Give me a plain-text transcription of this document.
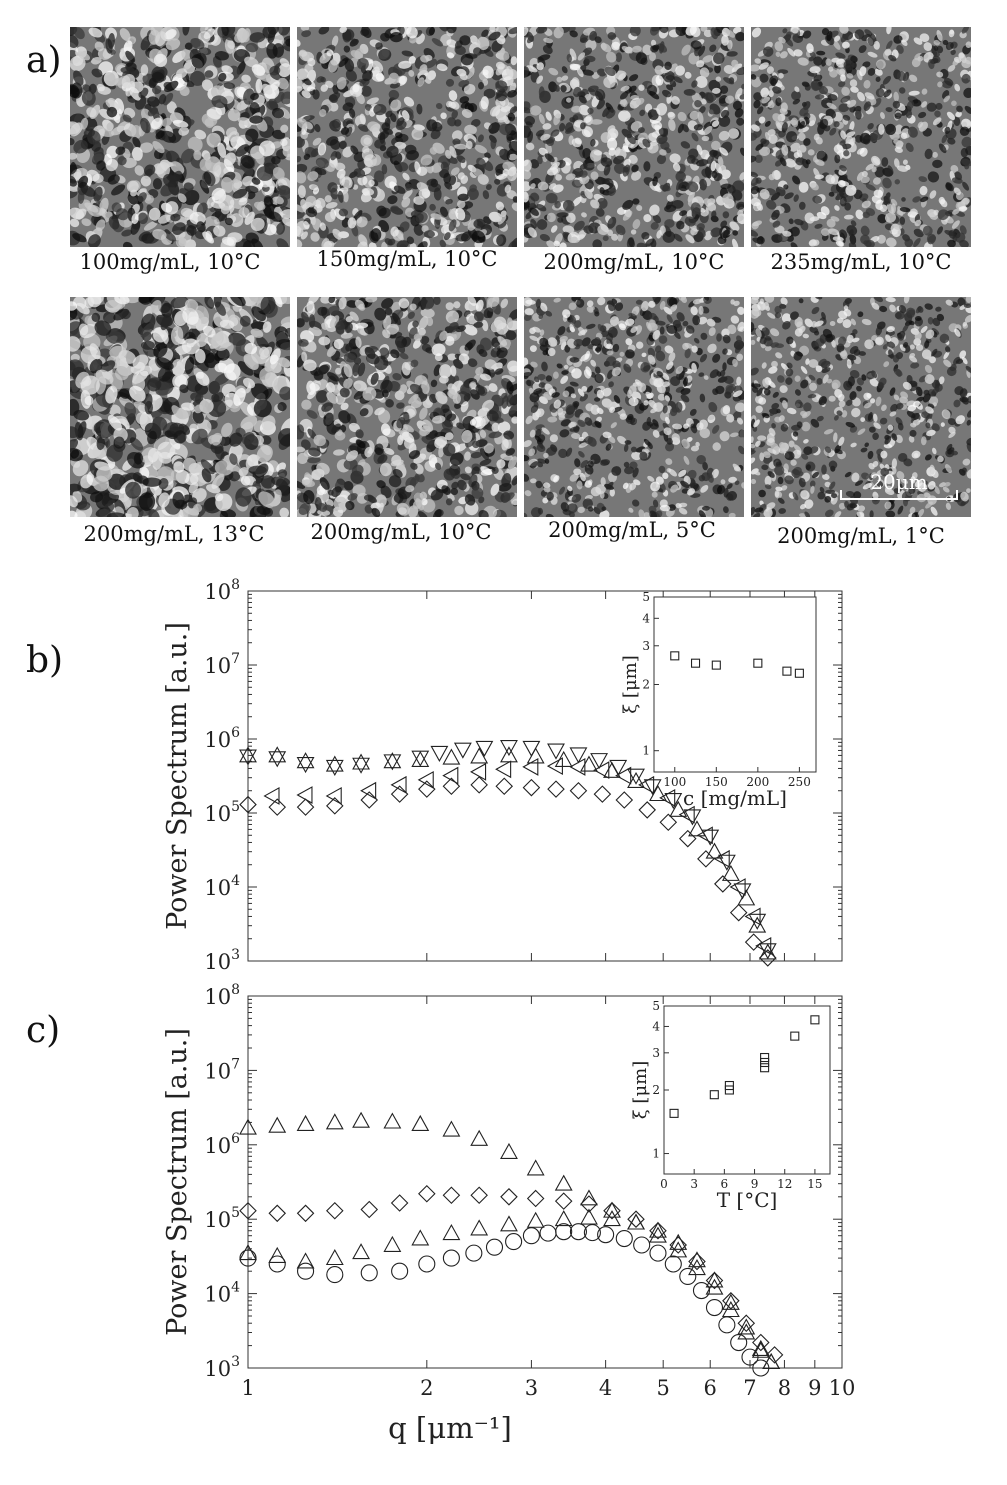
a)
b)
c)
100mg/mL, 10°C	150mg/mL, 10°C	200mg/mL, 10°C	235mg/mL, 10°C
200mg/mL, 13°C	200mg/mL, 10°C	200mg/mL, 5°C	200mg/mL, 1°C
20μm
$10^3$
$10^4$
$10^5$
$10^6$
$10^7$
$10^8$
Power Spectrum [a.u.]	100 150 200 250
1
2
3
4
5
c [mg/mL]
ξ [μm]
$10^3$
$10^4$
$10^5$
$10^6$
$10^7$
$10^8$
Power Spectrum [a.u.]
1	2	3	4 5 6 7 8 9 10
q [μm⁻¹]
0 3 6 9 12 15
1
2
3
4
5
T [°C]
ξ [μm]
